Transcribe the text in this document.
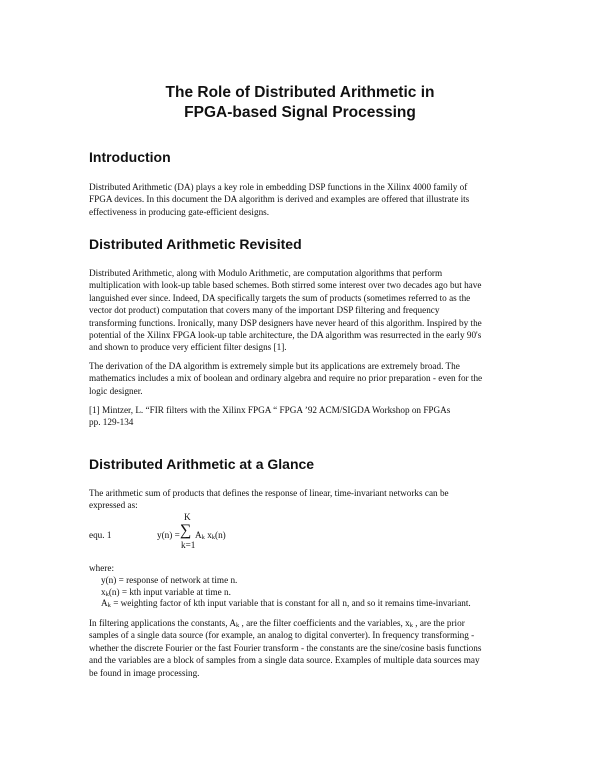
The Role of Distributed Arithmetic in
FPGA-based Signal Processing
Introduction
Distributed Arithmetic (DA) plays a key role in embedding DSP functions in the Xilinx 4000 family of
FPGA devices. In this document the DA algorithm is derived and examples are offered that illustrate its
effectiveness in producing gate-efficient designs.
Distributed Arithmetic Revisited
Distributed Arithmetic, along with Modulo Arithmetic, are computation algorithms that perform
multiplication with look-up table based schemes. Both stirred some interest over two decades ago but have
languished ever since. Indeed, DA specifically targets the sum of products (sometimes referred to as the
vector dot product) computation that covers many of the important DSP filtering and frequency
transforming functions. Ironically, many DSP designers have never heard of this algorithm. Inspired by the
potential of the Xilinx FPGA look-up table architecture, the DA algorithm was resurrected in the early 90's
and shown to produce very efficient filter designs [1].
The derivation of the DA algorithm is extremely simple but its applications are extremely broad. The
mathematics includes a mix of boolean and ordinary algebra and require no prior preparation - even for the
logic designer.
[1] Mintzer, L. “FIR filters with the Xilinx FPGA “ FPGA ’92 ACM/SIGDA Workshop on FPGAs
pp. 129-134
Distributed Arithmetic at a Glance
The arithmetic sum of products that defines the response of linear, time-invariant networks can be
expressed as:
equ. 1	y(n) =
K
∑
k=1
$A_k$ $x_k(n)$
where:
y(n) = response of network at time n.
$x_k(n)$ = kth input variable at time n.
$A_k$ = weighting factor of kth input variable that is constant for all n, and so it remains time-invariant.
In filtering applications the constants, $A_k$ , are the filter coefficients and the variables, $x_k$ , are the prior
samples of a single data source (for example, an analog to digital converter). In frequency transforming -
whether the discrete Fourier or the fast Fourier transform - the constants are the sine/cosine basis functions
and the variables are a block of samples from a single data source. Examples of multiple data sources may
be found in image processing.
